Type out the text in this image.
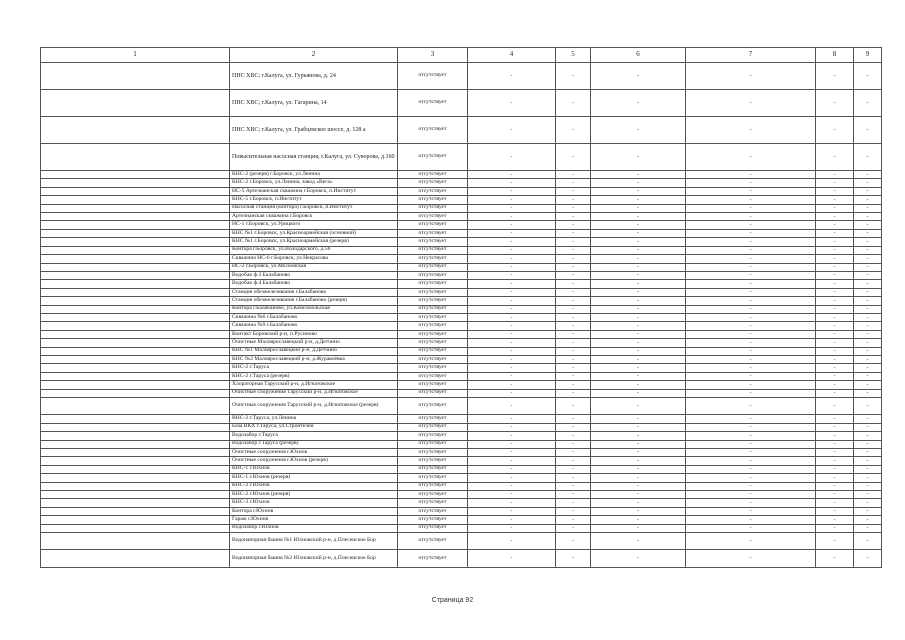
1	2	3	4	5	6	7	8	9
	ПНС ХВС; г.Калуга, ул. Гурьянова, д. 24	отсутствует	-	-	-	-	-	-
	ПНС ХВС; г.Калуга, ул. Гагарина, 14	отсутствует	-	-	-	-	-	-
	ПНС ХВС; г.Калуга, ул. Грабцевское шоссе, д. 128 а	отсутствует	-	-	-	-	-	-
	Повысительная насосная станция, г.Калуга, ул. Суворова, д.160	отсутствует	-	-	-	-	-	-
	КНС-2 (резерв) г.Боровск, ул.Ленина	отсутствует	-	-	-	-	-	-
	КНС-2 г.Боровск, ул.Ленина, завод «Вега»	отсутствует	-	-	-	-	-	-
	НС-5 Артезианская скважина г.Боровск, п.Институт	отсутствует	-	-	-	-	-	-
	КНС-5 г.Боровск, п.Институт	отсутствует	-	-	-	-	-	-
	Насосная станция (контора) г.Боровск, п.Институт	отсутствует	-	-	-	-	-	-
	Артезианская скважина г.Боровск	отсутствует	-	-	-	-	-	-
	НС-1 г.Боровск, ул.Урицкого	отсутствует	-	-	-	-	-	-
	КНС №1 г.Боровск, ул.Красноармейская (основной)	отсутствует	-	-	-	-	-	-
	КНС №1 г.Боровск, ул.Красноармейская (резерв)	отсутствует	-	-	-	-	-	-
	Контора г.Боровск, ул.Володарского, д.56	отсутствует	-	-	-	-	-	-
	Скважина НС-6 г.Боровск, ул.Некрасова	отсутствует	-	-	-	-	-	-
	НС-2 г.Боровск, ул.Московская	отсутствует	-	-	-	-	-	-
	Водобак ф.3 Балабаново	отсутствует	-	-	-	-	-	-
	Водобак ф.4 Балабаново	отсутствует	-	-	-	-	-	-
	Станция обезжелезивания г.Балабаново	отсутствует	-	-	-	-	-	-
	Станция обезжелезивания г.Балабаново (резерв)	отсутствует	-	-	-	-	-	-
	Контора г.Балабаново, ул.Комсомольская	отсутствует	-	-	-	-	-	-
	Скважина №6 г.Балабаново	отсутствует	-	-	-	-	-	-
	Скважина №9 г.Балабаново	отсутствует	-	-	-	-	-	-
	Контакт Боровский р-н, п.Русиново	отсутствует	-	-	-	-	-	-
	Очистные Малоярославецкий р-н, д.Детчино	отсутствует	-	-	-	-	-	-
	КНС №1 Малоярославецкий р-н, д.Детчино	отсутствует	-	-	-	-	-	-
	КНС №2 Малоярославецкий р-н, д.Журавлёвка	отсутствует	-	-	-	-	-	-
	КНС-2 г.Таруса	отсутствует	-	-	-	-	-	-
	КНС-2 г.Таруса (резерв)	отсутствует	-	-	-	-	-	-
	Хлораторная Тарусский р-н, д.Игнатовское	отсутствует	-	-	-	-	-	-
	Очистные сооружения Тарусский р-н, д.Игнатовское	отсутствует	-	-	-	-	-	-
	Очистные сооружения Тарусский р-н, д.Игнатовское (резерв)	отсутствует	-	-	-	-	-	-
	ВНС-2 г.Таруса, ул.Ленина	отсутствует	-	-	-	-	-	-
	База ВКХ г.Таруса, ул.Строителей	отсутствует	-	-	-	-	-	-
	Водозабор г.Таруса	отсутствует	-	-	-	-	-	-
	Водозабор г.Таруса (резерв)	отсутствует	-	-	-	-	-	-
	Очистные сооружения г.Юхнов	отсутствует	-	-	-	-	-	-
	Очистные сооружения г.Юхнов (резерв)	отсутствует	-	-	-	-	-	-
	КНС-1 г.Юхнов	отсутствует	-	-	-	-	-	-
	КНС-1 г.Юхнов (резерв)	отсутствует	-	-	-	-	-	-
	КНС-2 г.Юхнов	отсутствует	-	-	-	-	-	-
	КНС-2 г.Юхнов (резерв)	отсутствует	-	-	-	-	-	-
	КНС-3 г.Юхнов	отсутствует	-	-	-	-	-	-
	Контора г.Юхнов	отсутствует	-	-	-	-	-	-
	Гараж г.Юхнов	отсутствует	-	-	-	-	-	-
	Водозабор г.Юхнов	отсутствует	-	-	-	-	-	-
	Водонапорная башня №1 Юхновский р-н, д.Плесенское Бор	отсутствует	-	-	-	-	-	-
	Водонапорная башня №2 Юхновский р-н, д.Плесенское Бор	отсутствует	-	-	-	-	-	-
Страница 92
